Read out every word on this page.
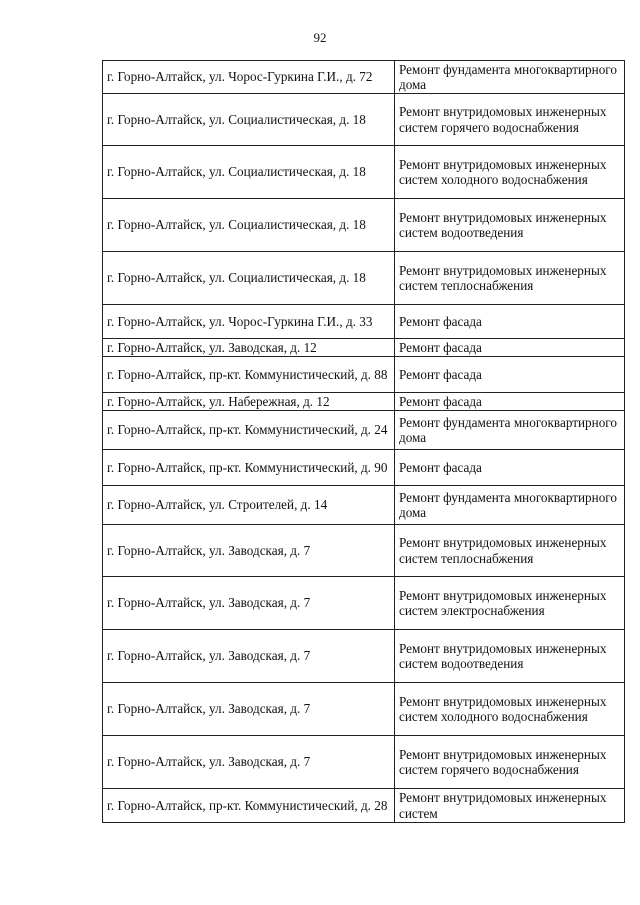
92
г. Горно-Алтайск, ул. Чорос-Гуркина Г.И., д. 72	Ремонт фундамента многоквартирного дома
г. Горно-Алтайск, ул. Социалистическая, д. 18	Ремонт внутридомовых инженерных систем горячего водоснабжения
г. Горно-Алтайск, ул. Социалистическая, д. 18	Ремонт внутридомовых инженерных систем холодного водоснабжения
г. Горно-Алтайск, ул. Социалистическая, д. 18	Ремонт внутридомовых инженерных систем водоотведения
г. Горно-Алтайск, ул. Социалистическая, д. 18	Ремонт внутридомовых инженерных систем теплоснабжения
г. Горно-Алтайск, ул. Чорос-Гуркина Г.И., д. 33	Ремонт фасада
г. Горно-Алтайск, ул. Заводская, д. 12	Ремонт фасада
г. Горно-Алтайск, пр-кт. Коммунистический, д. 88	Ремонт фасада
г. Горно-Алтайск, ул. Набережная, д. 12	Ремонт фасада
г. Горно-Алтайск, пр-кт. Коммунистический, д. 24	Ремонт фундамента многоквартирного дома
г. Горно-Алтайск, пр-кт. Коммунистический, д. 90	Ремонт фасада
г. Горно-Алтайск, ул. Строителей, д. 14	Ремонт фундамента многоквартирного дома
г. Горно-Алтайск, ул. Заводская, д. 7	Ремонт внутридомовых инженерных систем теплоснабжения
г. Горно-Алтайск, ул. Заводская, д. 7	Ремонт внутридомовых инженерных систем электроснабжения
г. Горно-Алтайск, ул. Заводская, д. 7	Ремонт внутридомовых инженерных систем водоотведения
г. Горно-Алтайск, ул. Заводская, д. 7	Ремонт внутридомовых инженерных систем холодного водоснабжения
г. Горно-Алтайск, ул. Заводская, д. 7	Ремонт внутридомовых инженерных систем горячего водоснабжения
г. Горно-Алтайск, пр-кт. Коммунистический, д. 28	Ремонт внутридомовых инженерных систем
